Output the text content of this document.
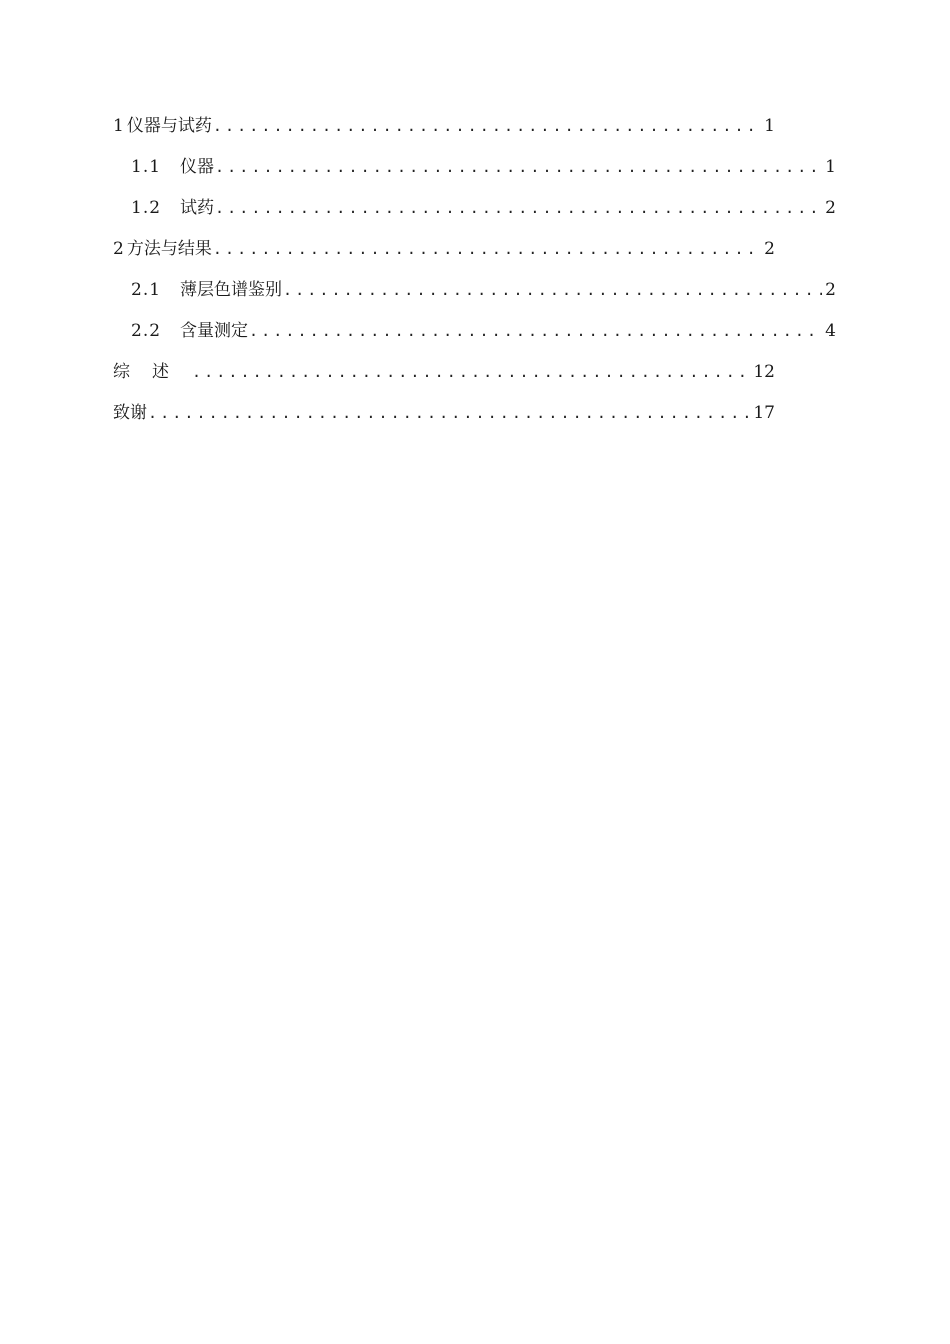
1 仪器与试药 .....	1
1.1	仪器 .....	1
1.2	试药 .....	2
2 方法与结果 .....	2
2.1	薄层色谱鉴别 .....	2
2.2	含量测定 .....	4
综述 .....	12
致谢 .....	17
